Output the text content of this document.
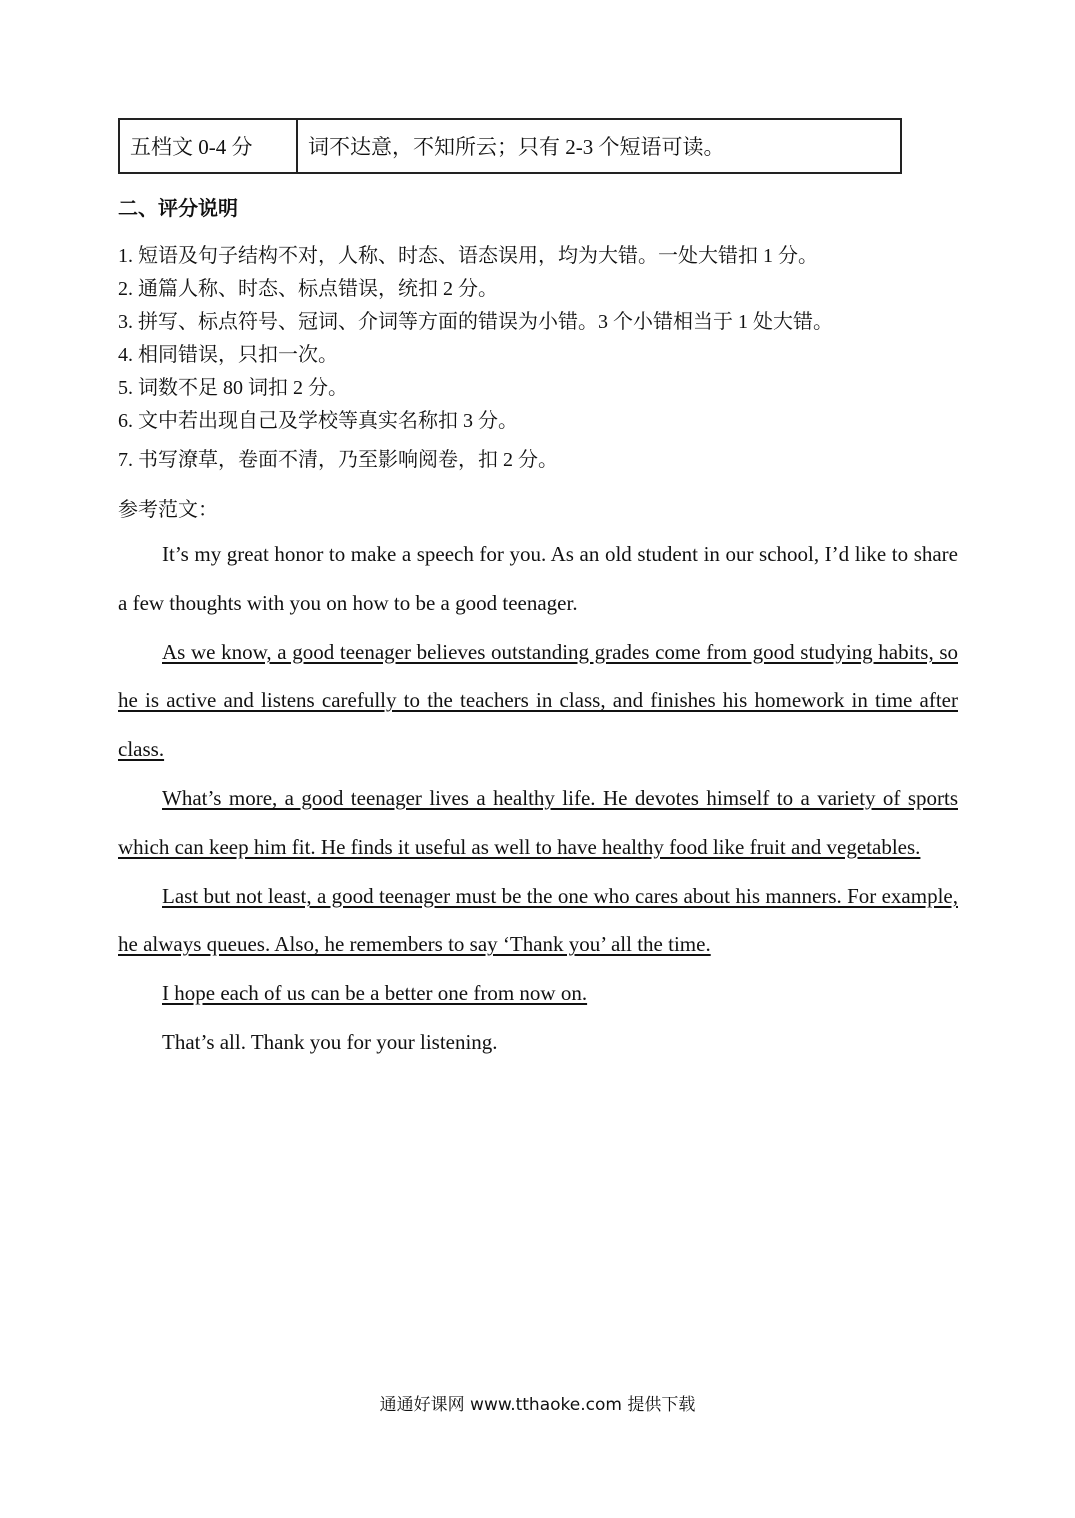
五档文 0-4 分	词不达意，不知所云；只有 2-3 个短语可读。
二、评分说明
1. 短语及句子结构不对，人称、时态、语态误用，均为大错。一处大错扣 1 分。
2. 通篇人称、时态、标点错误，统扣 2 分。
3. 拼写、标点符号、冠词、介词等方面的错误为小错。3 个小错相当于 1 处大错。
4. 相同错误，只扣一次。
5. 词数不足 80 词扣 2 分。
6. 文中若出现自己及学校等真实名称扣 3 分。
7. 书写潦草，卷面不清，乃至影响阅卷，扣 2 分。
参考范文：

It’s my great honor to make a speech for you. As an old student in our school, I’d like to share a few thoughts with you on how to be a good teenager.

As we know, a good teenager believes outstanding grades come from good studying habits, so he is active and listens carefully to the teachers in class, and finishes his homework in time after class.

What’s more, a good teenager lives a healthy life. He devotes himself to a variety of sports which can keep him fit. He finds it useful as well to have healthy food like fruit and vegetables.

Last but not least, a good teenager must be the one who cares about his manners. For example, he always queues. Also, he remembers to say ‘Thank you’ all the time.

I hope each of us can be a better one from now on.

That’s all. Thank you for your listening.

通通好课网 www.tthaoke.com 提供下载
